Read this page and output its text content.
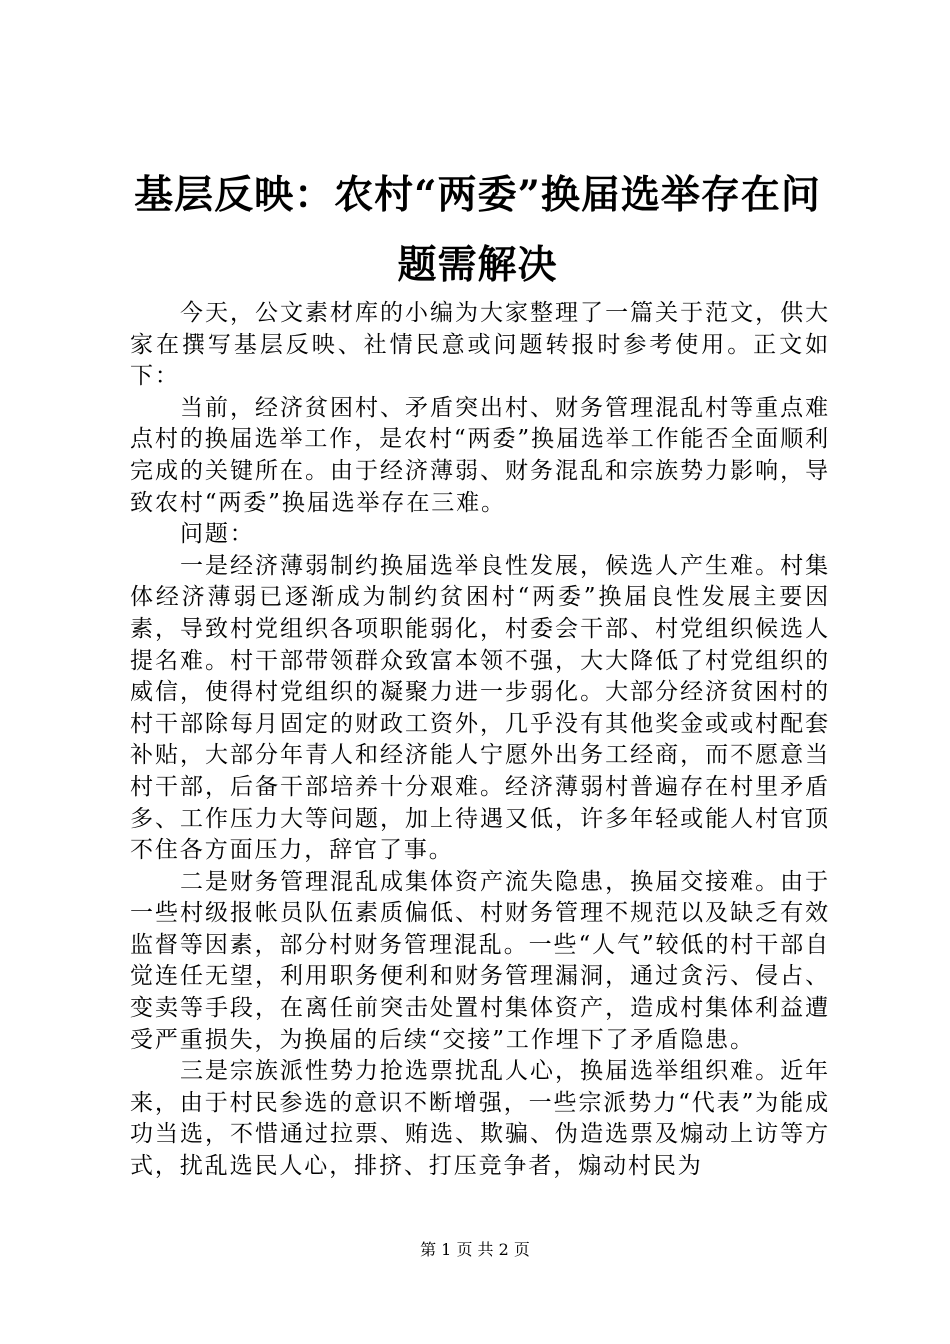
基层反映：农村“两委”换届选举存在问题需解决

今天，公文素材库的小编为大家整理了一篇关于范文，供大家在撰写基层反映、社情民意或问题转报时参考使用。正文如下：

当前，经济贫困村、矛盾突出村、财务管理混乱村等重点难点村的换届选举工作，是农村“两委”换届选举工作能否全面顺利完成的关键所在。由于经济薄弱、财务混乱和宗族势力影响，导致农村“两委”换届选举存在三难。

问题：

一是经济薄弱制约换届选举良性发展，候选人产生难。村集体经济薄弱已逐渐成为制约贫困村“两委”换届良性发展主要因素，导致村党组织各项职能弱化，村委会干部、村党组织候选人提名难。村干部带领群众致富本领不强，大大降低了村党组织的威信，使得村党组织的凝聚力进一步弱化。大部分经济贫困村的村干部除每月固定的财政工资外，几乎没有其他奖金或或村配套补贴，大部分年青人和经济能人宁愿外出务工经商，而不愿意当村干部，后备干部培养十分艰难。经济薄弱村普遍存在村里矛盾多、工作压力大等问题，加上待遇又低，许多年轻或能人村官顶不住各方面压力，辞官了事。

二是财务管理混乱成集体资产流失隐患，换届交接难。由于一些村级报帐员队伍素质偏低、村财务管理不规范以及缺乏有效监督等因素，部分村财务管理混乱。一些“人气”较低的村干部自觉连任无望，利用职务便利和财务管理漏洞，通过贪污、侵占、变卖等手段，在离任前突击处置村集体资产，造成村集体利益遭受严重损失，为换届的后续“交接”工作埋下了矛盾隐患。

三是宗族派性势力抢选票扰乱人心，换届选举组织难。近年来，由于村民参选的意识不断增强，一些宗派势力“代表”为能成功当选，不惜通过拉票、贿选、欺骗、伪造选票及煽动上访等方式，扰乱选民人心，排挤、打压竞争者，煽动村民为

第 1 页 共 2 页
